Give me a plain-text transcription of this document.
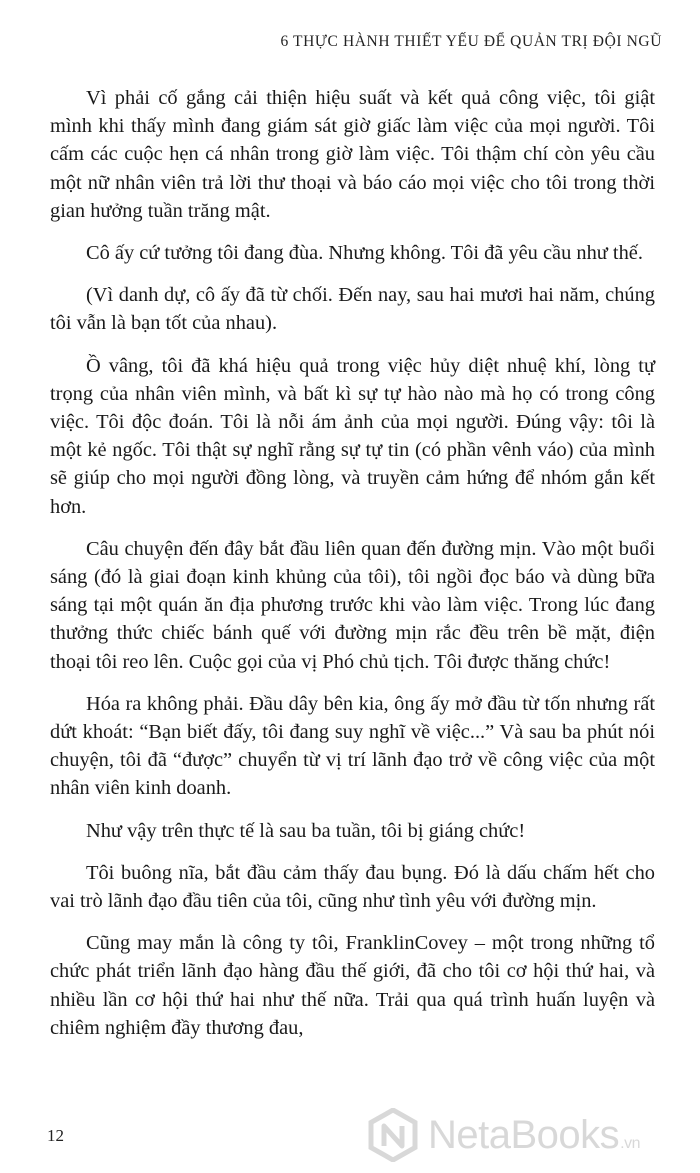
6 THỰC HÀNH THIẾT YẾU ĐỂ QUẢN TRỊ ĐỘI NGŨ

Vì phải cố gắng cải thiện hiệu suất và kết quả công việc, tôi giật mình khi thấy mình đang giám sát giờ giấc làm việc của mọi người. Tôi cấm các cuộc hẹn cá nhân trong giờ làm việc. Tôi thậm chí còn yêu cầu một nữ nhân viên trả lời thư thoại và báo cáo mọi việc cho tôi trong thời gian hưởng tuần trăng mật.

Cô ấy cứ tưởng tôi đang đùa. Nhưng không. Tôi đã yêu cầu như thế.

(Vì danh dự, cô ấy đã từ chối. Đến nay, sau hai mươi hai năm, chúng tôi vẫn là bạn tốt của nhau).

Ồ vâng, tôi đã khá hiệu quả trong việc hủy diệt nhuệ khí, lòng tự trọng của nhân viên mình, và bất kì sự tự hào nào mà họ có trong công việc. Tôi độc đoán. Tôi là nỗi ám ảnh của mọi người. Đúng vậy: tôi là một kẻ ngốc. Tôi thật sự nghĩ rằng sự tự tin (có phần vênh váo) của mình sẽ giúp cho mọi người đồng lòng, và truyền cảm hứng để nhóm gắn kết hơn.

Câu chuyện đến đây bắt đầu liên quan đến đường mịn. Vào một buổi sáng (đó là giai đoạn kinh khủng của tôi), tôi ngồi đọc báo và dùng bữa sáng tại một quán ăn địa phương trước khi vào làm việc. Trong lúc đang thưởng thức chiếc bánh quế với đường mịn rắc đều trên bề mặt, điện thoại tôi reo lên. Cuộc gọi của vị Phó chủ tịch. Tôi được thăng chức!

Hóa ra không phải. Đầu dây bên kia, ông ấy mở đầu từ tốn nhưng rất dứt khoát: “Bạn biết đấy, tôi đang suy nghĩ về việc...” Và sau ba phút nói chuyện, tôi đã “được” chuyển từ vị trí lãnh đạo trở về công việc của một nhân viên kinh doanh.

Như vậy trên thực tế là sau ba tuần, tôi bị giáng chức!

Tôi buông nĩa, bắt đầu cảm thấy đau bụng. Đó là dấu chấm hết cho vai trò lãnh đạo đầu tiên của tôi, cũng như tình yêu với đường mịn.

Cũng may mắn là công ty tôi, FranklinCovey – một trong những tổ chức phát triển lãnh đạo hàng đầu thế giới, đã cho tôi cơ hội thứ hai, và nhiều lần cơ hội thứ hai như thế nữa. Trải qua quá trình huấn luyện và chiêm nghiệm đầy thương đau,

12	NetaBooks.vn
